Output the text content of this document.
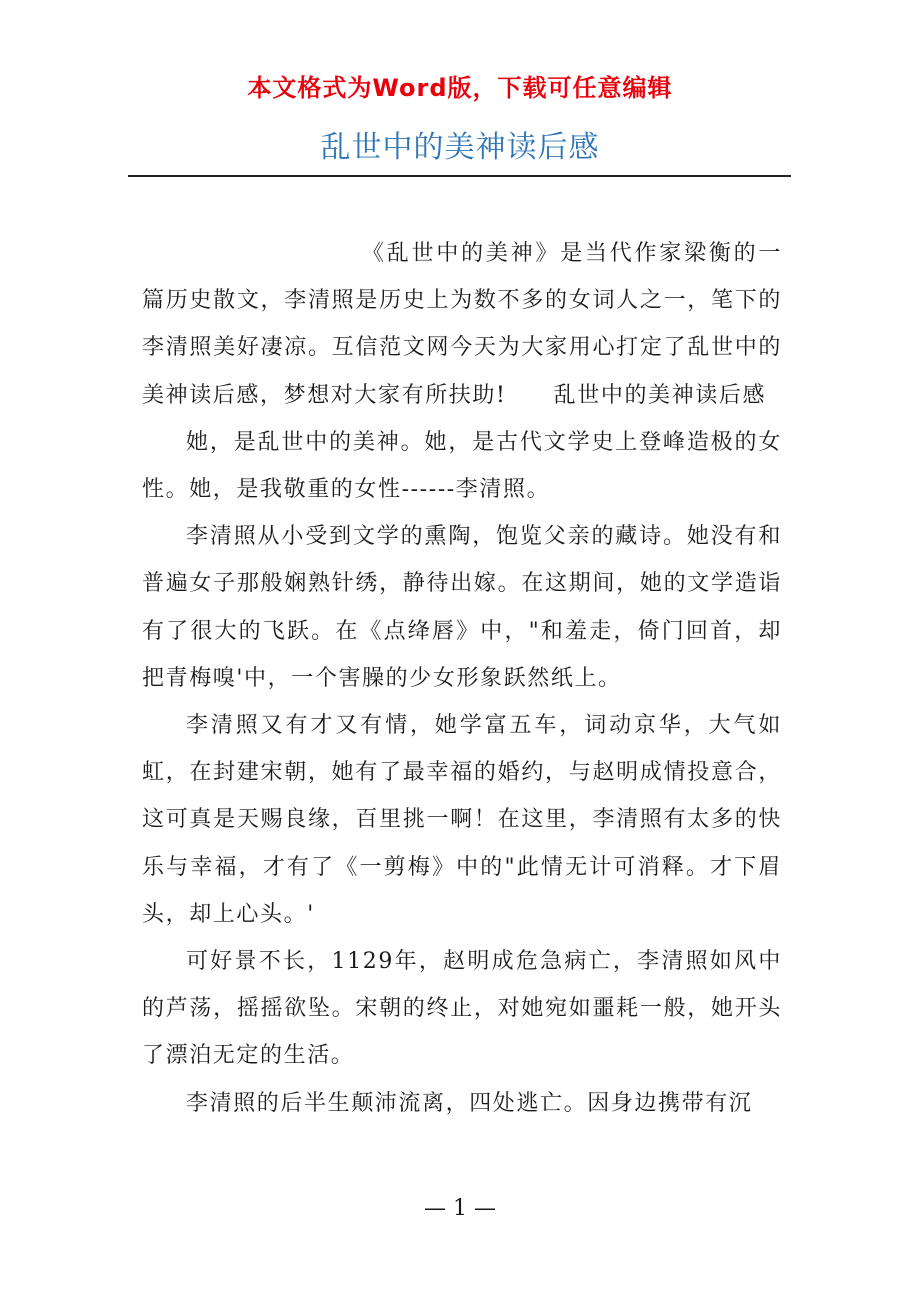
本文格式为Word版，下载可任意编辑
乱世中的美神读后感

《乱世中的美神》是当代作家梁衡的一篇历史散文，李清照是历史上为数不多的女词人之一，笔下的李清照美好凄凉。互信范文网今天为大家用心打定了乱世中的美神读后感，梦想对大家有所扶助!　　乱世中的美神读后感

她，是乱世中的美神。她，是古代文学史上登峰造极的女性。她，是我敬重的女性------李清照。

李清照从小受到文学的熏陶，饱览父亲的藏诗。她没有和普遍女子那般娴熟针绣，静待出嫁。在这期间，她的文学造诣有了很大的飞跃。在《点绛唇》中，"和羞走，倚门回首，却把青梅嗅'中，一个害臊的少女形象跃然纸上。

李清照又有才又有情，她学富五车，词动京华，大气如虹，在封建宋朝，她有了最幸福的婚约，与赵明成情投意合，这可真是天赐良缘，百里挑一啊！在这里，李清照有太多的快乐与幸福，才有了《一剪梅》中的"此情无计可消释。才下眉头，却上心头。'

可好景不长，1129年，赵明成危急病亡，李清照如风中的芦荡，摇摇欲坠。宋朝的终止，对她宛如噩耗一般，她开头了漂泊无定的生活。

李清照的后半生颠沛流离，四处逃亡。因身边携带有沉

— 1 —
